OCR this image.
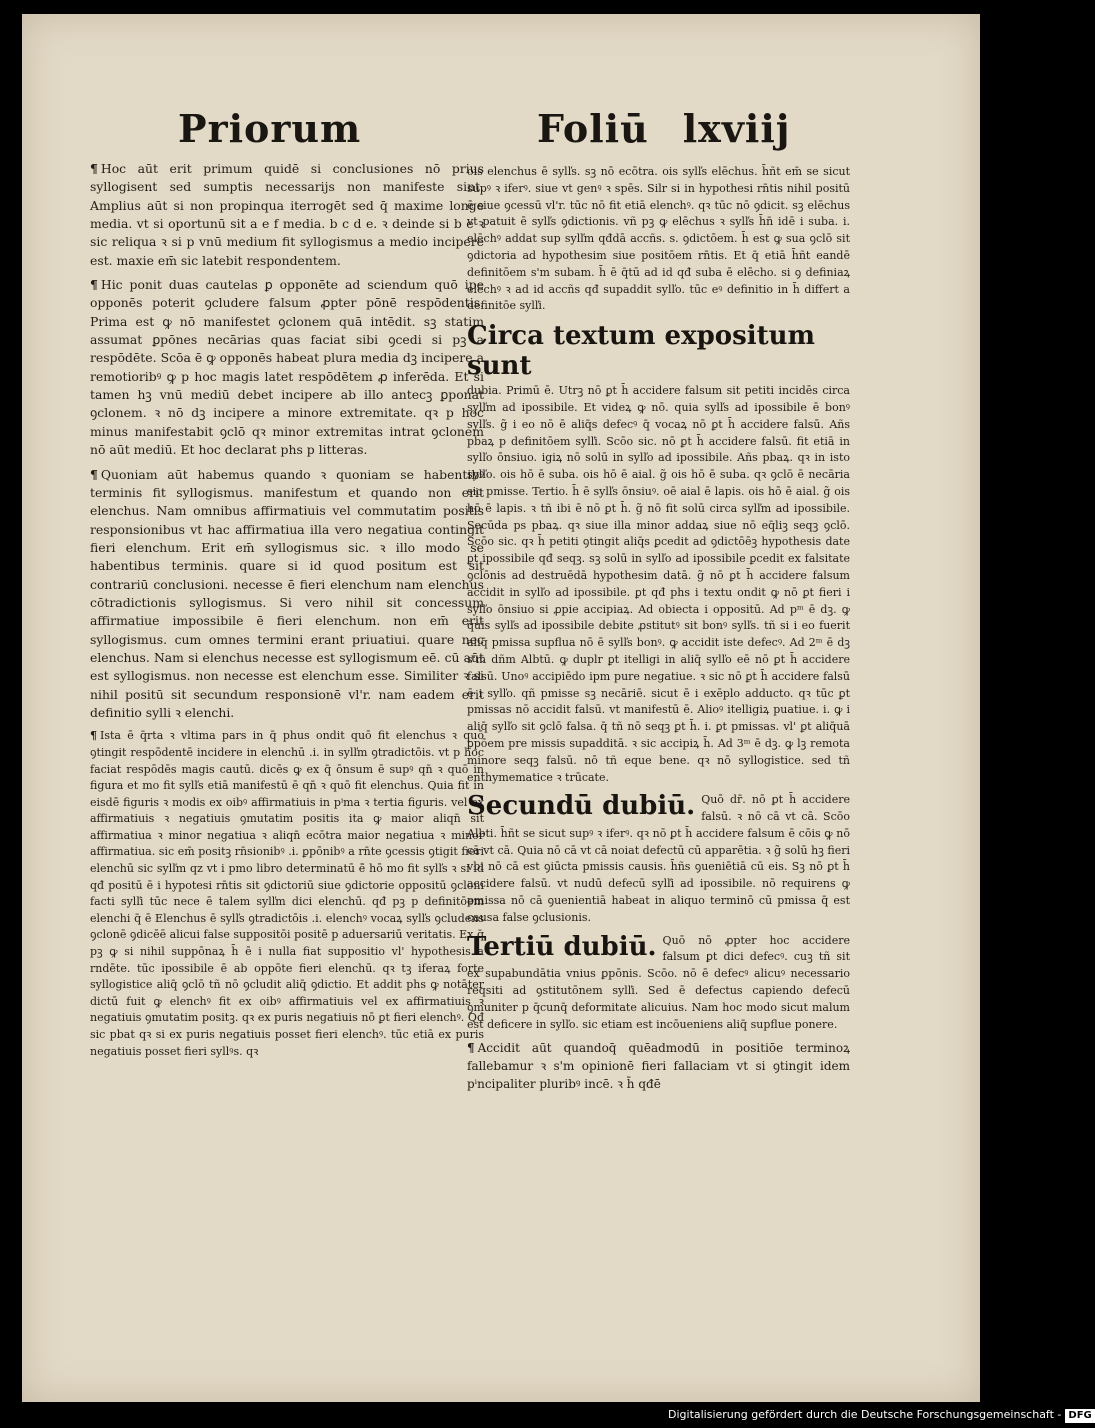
Priorum	Foliū lxviij

¶ Hoc aūt erit primum quidē si conclusiones nō prius syllogisent sed sumptis necessarijs non manifeste sint. Amplius aūt si non propinqua iterrogēt sed q̄ maxime longe media. vt si oportunū sit a e f media. b c d e. ꝛ deinde si b e ꝛ sic reliqua ꝛ si p vnū medium fit syllogismus a medio incipere est. maxie em̄ sic latebit respondentem.

¶ Hic ponit duas cautelas ꝑ opponēte ad sciendum quō ipe opponēs poterit ꝯcludere falsum ꝓpter pōnē respōdentis. Prima est ꝙ nō manifestet ꝯclonem quā intēdit. sꝫ statim assumat ꝑpōnes necārias quas faciat sibi ꝯcedi si pꝫ a respōdēte. Scōa ē ꝙ opponēs habeat plura media dꝫ incipere a remotioribꝰ ꝙ p hoc magis latet respōdētem ꝓ inferēda. Et si tamen hꝫ vnū mediū debet incipere ab illo antecꝫ ꝑponat ꝯclonem. ꝛ nō dꝫ incipere a minore extremitate. qꝛ p hoc minus manifestabit ꝯclō qꝛ minor extremitas intrat ꝯclonem nō aūt mediū. Et hoc declarat phs p litteras.

¶ Quoniam aūt habemus quando ꝛ quoniam se habentibꝰ terminis fit syllogismus. manifestum et quando non erit elenchus. Nam omnibus affirmatiuis vel commutatim positis responsionibus vt hac affirmatiua illa vero negatiua contingit fieri elenchum. Erit em̄ syllogismus sic. ꝛ illo modo se habentibus terminis. quare si id quod positum est sit contrariū conclusioni. necesse ē fieri elenchum nam elenchus cōtradictionis syllogismus. Si vero nihil sit concessum affirmatiue impossibile ē fieri elenchum. non em̄ erit syllogismus. cum omnes termini erant priuatiui. quare nec elenchus. Nam si elenchus necesse est syllogismum eē. cū aūt est syllogismus. non necesse est elenchum esse. Similiter ꝛ si nihil positū sit secundum responsionē vl'r. nam eadem erit definitio sylli ꝛ elenchi.

¶ Ista ē q̄rta ꝛ vltima pars in q̄ phus ondit quō fit elenchus ꝛ quō ꝯtingit respōdentē incidere in elenchū .i. in sylľm ꝯtradictōis. vt p hoc faciat respōdēs magis cautū. dicēs ꝙ ex q̄ ōnsum ē supꝰ qn̄ ꝛ quō in figura et mo fit sylľs etiā manifestū ē qn̄ ꝛ quō fit elenchus. Quia fit in eisdē figuris ꝛ modis ex oibꝰ affirmatiuis in pⁱma ꝛ tertia figuris. vel ex affirmatiuis ꝛ negatiuis ꝯmutatim positis ita ꝙ maior aliqn̄ sit affirmatiua ꝛ minor negatiua ꝛ aliqn̄ ecōtra maior negatiua ꝛ minor affirmatiua. sic em̄ positꝫ rn̄sionibꝰ .i. ꝑpōnibꝰ a rn̄te ꝯcessis ꝯtigit fieri elenchū sic sylľm qz vt i pmo libro determinatū ē̄ hō mo fit sylľs ꝛ si id qđ positū ē i hypotesi rn̄tis sit ꝯdictoriū siue ꝯdictorie oppositū ꝯcloni facti sylľi tūc nece ē talem sylľm dici elenchū. qđ pꝫ p definitōem elenchi q̄ ē Elenchus ē sylľs ꝯtradictōis .i. elenchꝰ vocaꝝ sylľs ꝯcludens ꝯclonē ꝯdicēē alicui false suppositōi positē p aduersariū veritatis. Ex q̄ pꝫ ꝙ si nihil suppōnaꝝ h̄ ē i nulla fiat suppositio vl' hypothesis a rndēte. tūc ipossibile ē ab oppōte fieri elenchū. qꝛ tꝫ iferaꝝ forte syllogistice aliq̄ ꝯclō tñ nō ꝯcludit aliq̄ ꝯdictio. Et addit phs ꝙ notāter dictū fuit ꝙ elenchꝰ fit ex oibꝰ affirmatiuis vel ex affirmatiuis ꝛ negatiuis ꝯmutatim positꝫ. qꝛ ex puris negatiuis nō ꝑt fieri elenchꝰ. Qđ sic pbat qꝛ si ex puris negatiuis posset fieri elenchꝰ. tūc etiā ex puris negatiuis posset fieri syllꝰs. qꝛ

ois elenchus ē sylľs. sꝫ nō ecōtra. ois sylľs elēchus. h̄ñt em̄ se sicut supꝰ ꝛ iferꝰ. siue vt genꝰ ꝛ spēs. Silr si in hypothesi rn̄tis nihil positū ē siue ꝯcessū vl'r. tūc nō fit etiā elenchꝰ. qꝛ tūc nō ꝯdicit. sꝫ elēchus vt patuit ē sylľs ꝯdictionis. vñ pꝫ ꝙ elēchus ꝛ sylľs h̄n̄ idē i suba. i. elēchꝰ addat sup sylľm qđdā accñs. s. ꝯdictōem. h̄ est ꝙ sua ꝯclō sit ꝯdictoria ad hypothesim siue positōem rn̄tis. Et q̄ etiā h̄ñt eandē definitōem s'm subam. h̄ ē q̄tū ad id qđ suba ē elēcho. si ꝯ definiaꝝ elēchꝰ ꝛ ad id accñs qđ supaddit sylľo. tūc eꝰ definitio in h̄ differt a definitōe sylľi.

Circa textum expositum sunt

dubia. Primū ē. Utrꝫ nō ꝑt h̄ accidere falsum sit petiti incidēs circa sylľm ad ipossibile. Et videꝝ ꝙ nō. quia sylľs ad ipossibile ē bonꝰ sylľs. g̃ i eo nō ē aliq̄s defecꝰ q̄ vocaꝝ nō ꝑt h̄ accidere falsū. Añs pbaꝝ p definitōem sylľi. Scōo sic. nō ꝑt h̄ accidere falsū. fit etiā in sylľo ōnsiuo. igiꝝ nō solū in sylľo ad ipossibile. Añs pbaꝝ. qꝛ in isto sylľo. ois hō ē suba. ois hō ē aial. g̃ ois hō ē suba. qꝛ ꝯclō ē necāria sic pmisse. Tertio. h̄ ē sylľs ōnsiuꝰ. oē aial ē lapis. ois hō ē aial. g̃ ois hō ē lapis. ꝛ tñ ibi ē nō ꝑt h̄. g̃ nō fit solū circa sylľm ad ipossibile. Secūda ps pbaꝝ. qꝛ siue illa minor addaꝝ siue nō eq̄liꝫ seqꝫ ꝯclō. Scōo sic. qꝛ h̄ petiti ꝯtingit aliq̄s ꝑcedit ad ꝯdictōēꝫ hypothesis date ꝑt ipossibile qđ seqꝫ. sꝫ solū in sylľo ad ipossibile ꝑcedit ex falsitate ꝯclōnis ad destruēdā hypothesim datā. g̃ nō ꝑt h̄ accidere falsum accidit in sylľo ad ipossibile. ꝑt qđ phs i textu ondit ꝙ nō ꝑt fieri i sylľo ōnsiuo si ꝓpie accipiaꝝ. Ad obiecta i oppositū. Ad pᵐ ē dꝫ. ꝙ q̄uis sylľs ad ipossibile debite ꝓstitutꝰ sit bonꝰ sylľs. tñ si i eo fuerit aliq̄ pmissa supflua nō ē sylľs bonꝰ. ꝙ accidit iste defecꝰ. Ad 2ᵐ ē dꝫ s'm dñm Albtū. ꝙ duplr ꝑt itelligi in aliq̄ sylľo eē nō ꝑt h̄ accidere falsū. Unoꝰ accipiēdo ipm pure negatiue. ꝛ sic nō ꝑt h̄ accidere falsū ē i sylľo. qñ pmisse sꝫ necāriē. sicut ē i exēplo adducto. qꝛ tūc ꝑt pmissas nō accidit falsū. vt manifestū ē. Alioꝰ itelligiꝝ puatiue. i. ꝙ i aliq̄ sylľo sit ꝯclō falsa. q̄ tñ nō seqꝫ ꝑt h̄. i. ꝑt pmissas. vl' ꝑt aliq̄uā ꝑpōem pre missis supadditā. ꝛ sic accipiꝝ h̄. Ad 3ᵐ ē dꝫ. ꝙ lꝫ remota minore seqꝫ falsū. nō tñ eque bene. qꝛ nō syllogistice. sed tñ enthymematice ꝛ trūcate.

Secundū dubiū. Quō dr̄. nō ꝑt h̄ accidere falsū. ꝛ nō cā vt cā. Scōo Albti. h̄ñt se sicut supꝰ ꝛ iferꝰ. qꝛ nō ꝑt h̄ accidere falsum ē cōis ꝙ nō cā vt cā. Quia nō cā vt cā noiat defectū cū apparētia. ꝛ g̃ solū hꝫ fieri vbi nō cā est ꝯiūcta pmissis causis. h̄ñs ꝯueniētiā cū eis. Sꝫ nō ꝑt h̄ accidere falsū. vt nudū defecū sylľi ad ipossibile. nō requirens ꝙ pmissa nō cā ꝯuenientiā habeat in aliquo terminō cū pmissa q̄ est causa false ꝯclusionis.

Tertiū dubiū. Quō nō ꝓpter hoc accidere falsum ꝑt dici defecꝰ. cuꝫ tñ sit ex supabundātia vnius ꝑpōnis. Scōo. nō ē defecꝰ alicuꝰ necessario reqsiti ad ꝯstitutōnem sylľi. Sed ē defectus capiendo defecū ꝯmuniter p q̄cunq̄ deformitate alicuius. Nam hoc modo sicut malum est deficere in sylľo. sic etiam est incōueniens aliq̄ supflue ponere.

¶ Accidit aūt quandoq̄ quēadmodū in positiōe terminoꝝ fallebamur ꝛ s'm opinionē fieri fallaciam vt si ꝯtingit idem pⁱncipaliter pluribꝰ incē. ꝛ h̄ qđē

Digitalisierung gefördert durch die Deutsche Forschungsgemeinschaft - DFG
